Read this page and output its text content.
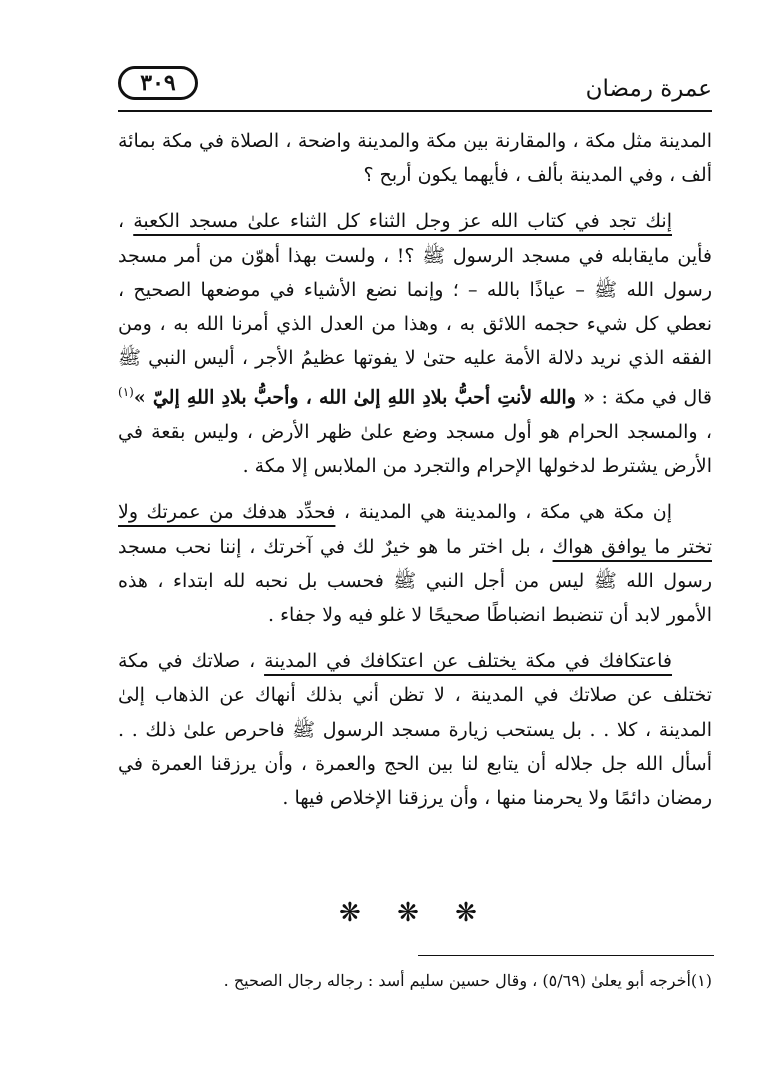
٣٠٩	عمرة رمضان

المدينة مثل مكة ، والمقارنة بين مكة والمدينة واضحة ، الصلاة في مكة بمائة ألف ، وفي المدينة بألف ، فأيهما يكون أربح ؟

إنك تجد في كتاب الله عز وجل الثناء كل الثناء علىٰ مسجد الكعبة ، فأين مايقابله في مسجد الرسول ﷺ ؟! ، ولست بهذا أهوّن من أمر مسجد رسول الله ﷺ – عياذًا بالله – ؛ وإنما نضع الأشياء في موضعها الصحيح ، نعطي كل شيء حجمه اللائق به ، وهذا من العدل الذي أمرنا الله به ، ومن الفقه الذي نريد دلالة الأمة عليه حتىٰ لا يفوتها عظيمُ الأجر ، أليس النبي ﷺ قال في مكة : « والله لأنتِ أحبُّ بلادِ اللهِ إلىٰ الله ، وأحبُّ بلادِ اللهِ إليّ »$^{(١)}$ ، والمسجد الحرام هو أول مسجد وضع علىٰ ظهر الأرض ، وليس بقعة في الأرض يشترط لدخولها الإحرام والتجرد من الملابس إلا مكة .

إن مكة هي مكة ، والمدينة هي المدينة ، فحدِّد هدفك من عمرتك ولا تختر ما يوافق هواك ، بل اختر ما هو خيرٌ لك في آخرتك ، إننا نحب مسجد رسول الله ﷺ ليس من أجل النبي ﷺ فحسب بل نحبه لله ابتداء ، هذه الأمور لابد أن تنضبط انضباطًا صحيحًا لا غلو فيه ولا جفاء .

فاعتكافك في مكة يختلف عن اعتكافك في المدينة ، صلاتك في مكة تختلف عن صلاتك في المدينة ، لا تظن أني بذلك أنهاك عن الذهاب إلىٰ المدينة ، كلا . . بل يستحب زيارة مسجد الرسول ﷺ فاحرص علىٰ ذلك . . أسأل الله جل جلاله أن يتابع لنا بين الحج والعمرة ، وأن يرزقنا العمرة في رمضان دائمًا ولا يحرمنا منها ، وأن يرزقنا الإخلاص فيها .

❋ ❋ ❋
(١)أخرجه أبو يعلىٰ (٥/٦٩) ، وقال حسين سليم أسد : رجاله رجال الصحيح .
